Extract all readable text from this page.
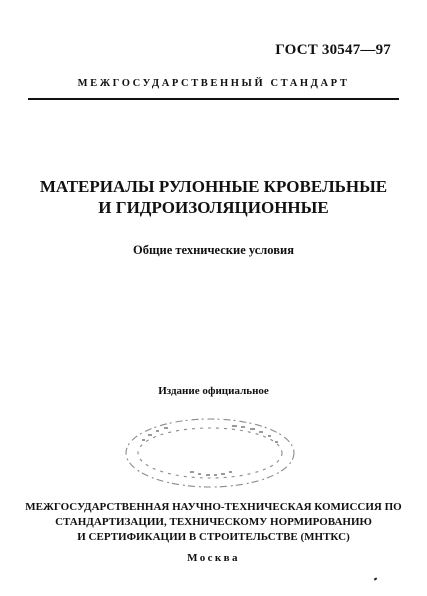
ГОСТ 30547—97
МЕЖГОСУДАРСТВЕННЫЙ СТАНДАРТ
МАТЕРИАЛЫ РУЛОННЫЕ КРОВЕЛЬНЫЕ
И ГИДРОИЗОЛЯЦИОННЫЕ
Общие технические условия
Издание официальное
МЕЖГОСУДАРСТВЕННАЯ НАУЧНО-ТЕХНИЧЕСКАЯ КОМИССИЯ ПО
СТАНДАРТИЗАЦИИ, ТЕХНИЧЕСКОМУ НОРМИРОВАНИЮ
И СЕРТИФИКАЦИИ В СТРОИТЕЛЬСТВЕ (МНТКС)
Москва
